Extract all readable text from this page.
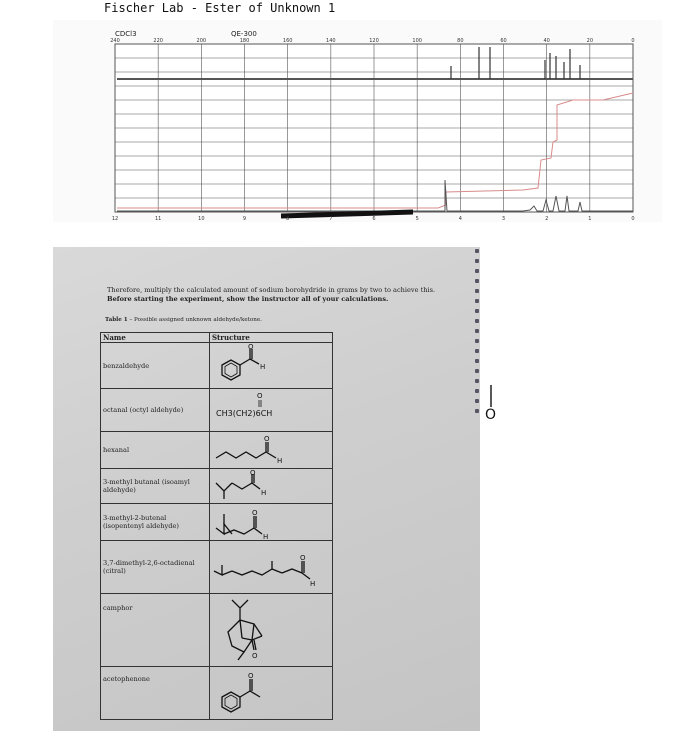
Fischer Lab - Ester of Unknown 1
CDCl3	QE-300
240	220	200	180	160	140	120	100	80	60	40	20	0
12	11	10	9	8	7	6	5	4	3	2	1	0
Therefore, multiply the calculated amount of sodium borohydride in grams by two to achieve this. Before starting the experiment, show the instructor all of your calculations.
Table 1 – Possible assigned unknown aldehyde/ketone.
Name	Structure
benzaldehyde	O
H

octanal (octyl aldehyde)	O
CH3(CH2)6CH

hexanal	O
H

3-methyl butanal (isoamyl aldehyde)	O
H

3-methyl-2-butenal (isopentenyl aldehyde)	O
H

3,7-dimethyl-2,6-octadienal (citral)	O
H

camphor	O

acetophenone	O
O
